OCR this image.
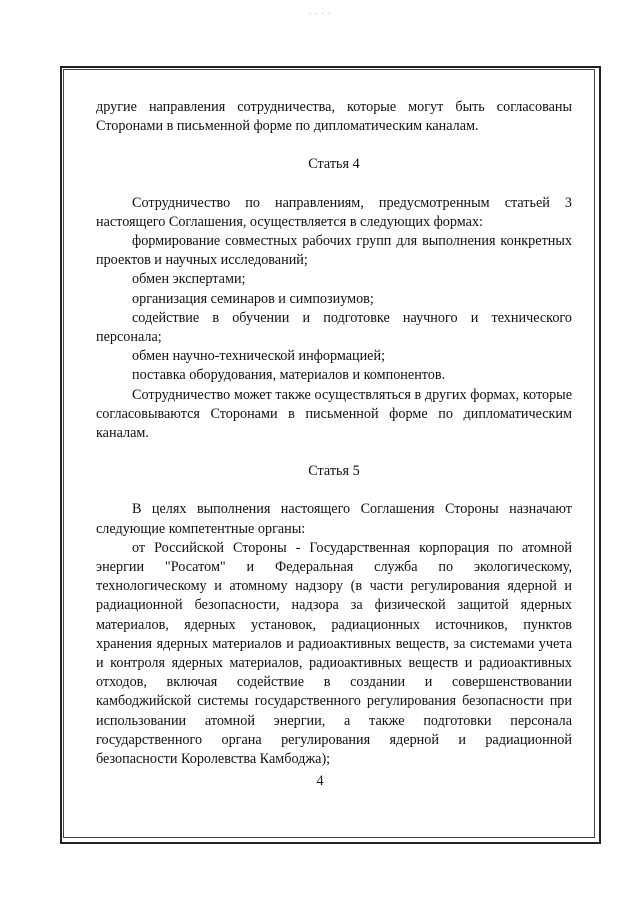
. . . .

другие направления сотрудничества, которые могут быть согласованы Сторонами в письменной форме по дипломатическим каналам.

Статья 4

Сотрудничество по направлениям, предусмотренным статьей 3 настоящего Соглашения, осуществляется в следующих формах:

формирование совместных рабочих групп для выполнения конкретных проектов и научных исследований;

обмен экспертами;

организация семинаров и симпозиумов;

содействие в обучении и подготовке научного и технического персонала;

обмен научно-технической информацией;

поставка оборудования, материалов и компонентов.

Сотрудничество может также осуществляться в других формах, которые согласовываются Сторонами в письменной форме по дипломатическим каналам.

Статья 5

В целях выполнения настоящего Соглашения Стороны назначают следующие компетентные органы:

от Российской Стороны - Государственная корпорация по атомной энергии "Росатом" и Федеральная служба по экологическому, технологическому и атомному надзору (в части регулирования ядерной и радиационной безопасности, надзора за физической защитой ядерных материалов, ядерных установок, радиационных источников, пунктов хранения ядерных материалов и радиоактивных веществ, за системами учета и контроля ядерных материалов, радиоактивных веществ и радиоактивных отходов, включая содействие в создании и совершенствовании камбоджийской системы государственного регулирования безопасности при использовании атомной энергии, а также подготовки персонала государственного органа регулирования ядерной и радиационной безопасности Королевства Камбоджа);

4
